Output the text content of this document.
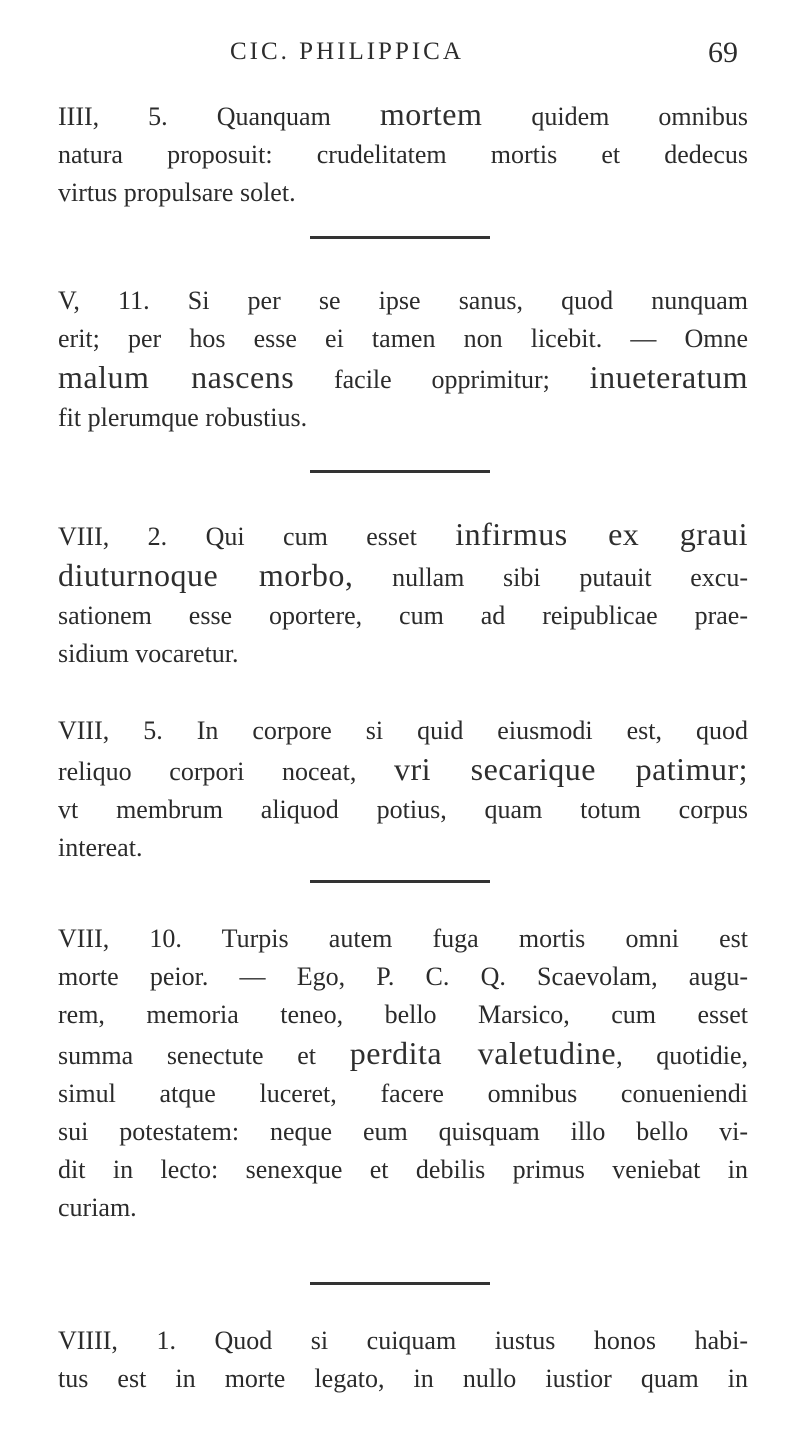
CIC. PHILIPPICA	69
IIII, 5. Quanquam mortem quidem omnibus
natura proposuit: crudelitatem mortis et dedecus
virtus propulsare solet.
V, 11. Si per se ipse sanus, quod nunquam
erit; per hos esse ei tamen non licebit. — Omne
malum nascens facile opprimitur; inueteratum
fit plerumque robustius.
VIII, 2. Qui cum esset infirmus ex graui
diuturnoque morbo, nullam sibi putauit excu-
sationem esse oportere, cum ad reipublicae prae-
sidium vocaretur.
VIII, 5. In corpore si quid eiusmodi est, quod
reliquo corpori noceat, vri secarique patimur;
vt membrum aliquod potius, quam totum corpus
intereat.
VIII, 10. Turpis autem fuga mortis omni est
morte peior. — Ego, P. C. Q. Scaevolam, augu-
rem, memoria teneo, bello Marsico, cum esset
summa senectute et perdita valetudine, quotidie,
simul atque luceret, facere omnibus conueniendi
sui potestatem: neque eum quisquam illo bello vi-
dit in lecto: senexque et debilis primus veniebat in
curiam.
VIIII, 1. Quod si cuiquam iustus honos habi-
tus est in morte legato, in nullo iustior quam in
